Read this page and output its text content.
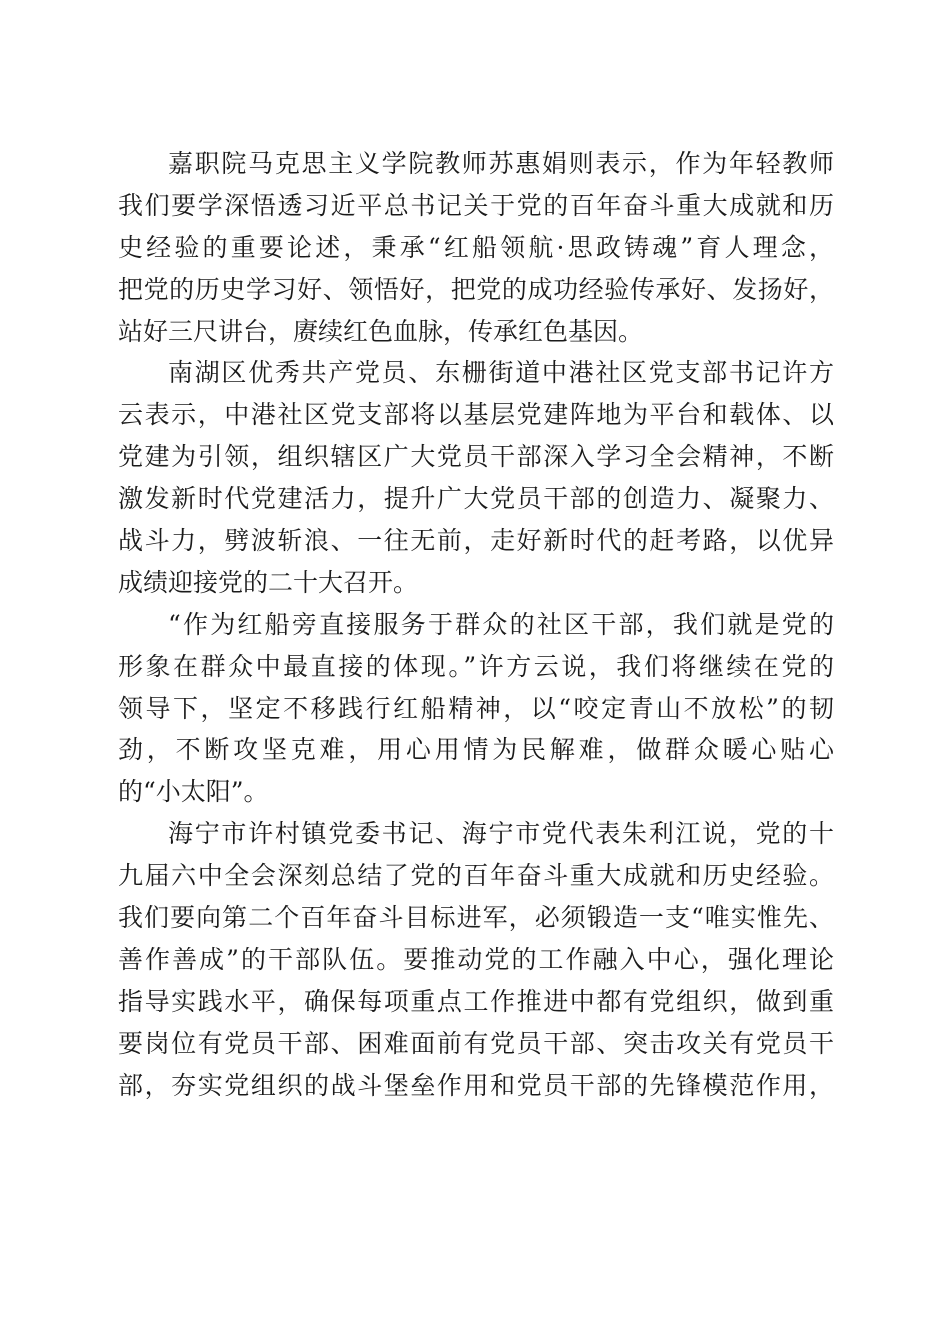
嘉职院马克思主义学院教师苏惠娟则表示，作为年轻教师
我们要学深悟透习近平总书记关于党的百年奋斗重大成就和历
史经验的重要论述，秉承“红船领航·思政铸魂”育人理念，
把党的历史学习好、领悟好，把党的成功经验传承好、发扬好，
站好三尺讲台，赓续红色血脉，传承红色基因。
南湖区优秀共产党员、东栅街道中港社区党支部书记许方
云表示，中港社区党支部将以基层党建阵地为平台和载体、以
党建为引领，组织辖区广大党员干部深入学习全会精神，不断
激发新时代党建活力，提升广大党员干部的创造力、凝聚力、
战斗力，劈波斩浪、一往无前，走好新时代的赶考路，以优异
成绩迎接党的二十大召开。
“作为红船旁直接服务于群众的社区干部，我们就是党的
形象在群众中最直接的体现。”许方云说，我们将继续在党的
领导下，坚定不移践行红船精神，以“咬定青山不放松”的韧
劲，不断攻坚克难，用心用情为民解难，做群众暖心贴心
的“小太阳”。
海宁市许村镇党委书记、海宁市党代表朱利江说，党的十
九届六中全会深刻总结了党的百年奋斗重大成就和历史经验。
我们要向第二个百年奋斗目标进军，必须锻造一支“唯实惟先、
善作善成”的干部队伍。要推动党的工作融入中心，强化理论
指导实践水平，确保每项重点工作推进中都有党组织，做到重
要岗位有党员干部、困难面前有党员干部、突击攻关有党员干
部，夯实党组织的战斗堡垒作用和党员干部的先锋模范作用，
